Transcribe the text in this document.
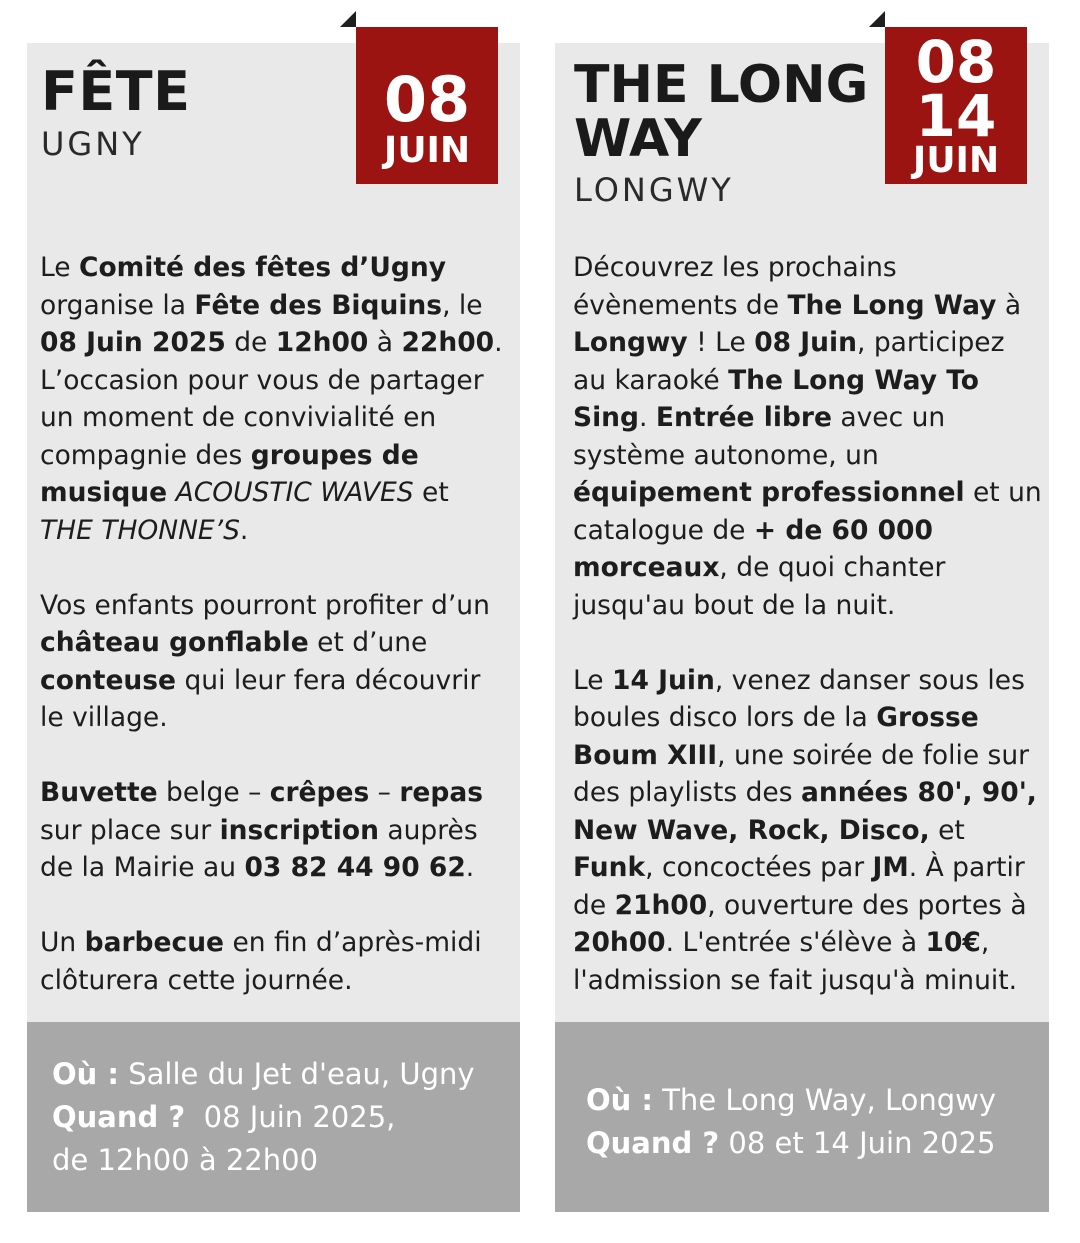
FÊTE
UGNY
08
JUIN

Le Comité des fêtes d’Ugny organise la Fête des Biquins, le 08 Juin 2025 de 12h00 à 22h00. L’occasion pour vous de partager un moment de convivialité en compagnie des groupes de musique ACOUSTIC WAVES et THE THONNE’S.

Vos enfants pourront profiter d’un château gonflable et d’une conteuse qui leur fera découvrir le village.

Buvette belge – crêpes – repas sur place sur inscription auprès de la Mairie au 03 82 44 90 62.

Un barbecue en fin d’après-midi clôturera cette journée.

Où : Salle du Jet d'eau, Ugny
Quand ? 08 Juin 2025,
de 12h00 à 22h00
THE LONG
WAY
LONGWY
08
14
JUIN

Découvrez les prochains évènements de The Long Way à Longwy ! Le 08 Juin, participez au karaoké The Long Way To Sing. Entrée libre avec un système autonome, un équipement professionnel et un catalogue de + de 60 000 morceaux, de quoi chanter jusqu'au bout de la nuit.

Le 14 Juin, venez danser sous les boules disco lors de la Grosse Boum XIII, une soirée de folie sur des playlists des années 80', 90', New Wave, Rock, Disco, et Funk, concoctées par JM. À partir de 21h00, ouverture des portes à 20h00. L'entrée s'élève à 10€, l'admission se fait jusqu'à minuit.

Où : The Long Way, Longwy
Quand ? 08 et 14 Juin 2025
